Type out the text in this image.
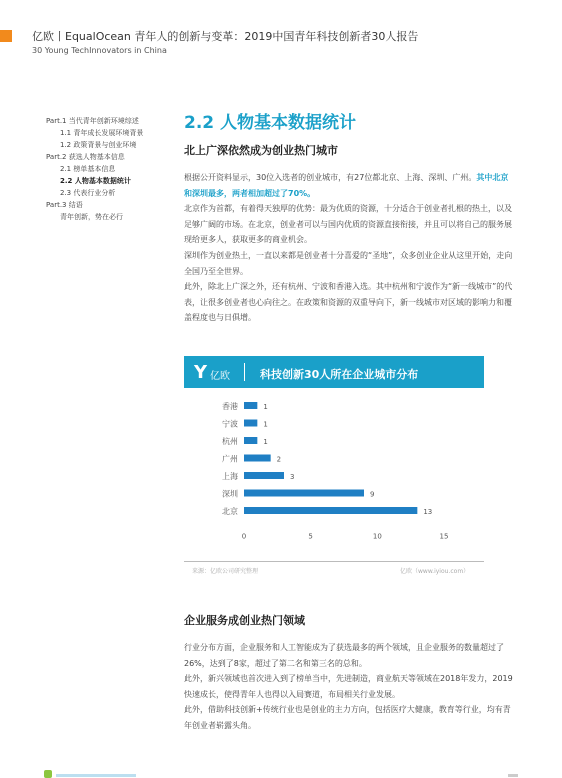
亿欧丨EqualOcean 青年人的创新与变革：2019中国青年科技创新者30人报告
30 Young TechInnovators in China
Part.1 当代青年创新环境综述
1.1 青年成长发展环境背景
1.2 政策背景与创业环境
Part.2 获选人物基本信息
2.1 榜单基本信息
2.2 人物基本数据统计
2.3 代表行业分析
Part.3 结语
青年创新，势在必行
2.2 人物基本数据统计
北上广深依然成为创业热门城市

根据公开资料显示，30位入选者的创业城市，有27位都北京、上海、深圳、广州。其中北京和深圳最多，两者相加超过了70%。

北京作为首都，有着得天独厚的优势：最为优质的资源，十分适合于创业者扎根的热土，以及足够广阔的市场。在北京，创业者可以与国内优质的资源直接衔接，并且可以将自己的服务展现给更多人，获取更多的商业机会。

深圳作为创业热土，一直以来都是创业者十分喜爱的“圣地”，众多创业企业从这里开始，走向全国乃至全世界。

此外，除北上广深之外，还有杭州、宁波和香港入选。其中杭州和宁波作为“新一线城市”的代表，让很多创业者也心向往之。在政策和资源的双重导向下，新一线城市对区域的影响力和覆盖程度也与日俱增。

Y 亿欧	科技创新30人所在企业城市分布
香港	1
宁波	1
杭州	1
广州	2
上海	3
深圳	9
北京	13
0	5	10	15
来源：亿欧公司研究整理	亿欧（www.iyiou.com）
企业服务成创业热门领域

行业分布方面，企业服务和人工智能成为了获选最多的两个领域，且企业服务的数量超过了26%，达到了8家，超过了第二名和第三名的总和。

此外，新兴领域也首次进入到了榜单当中，先进制造，商业航天等领域在2018年发力，2019快速成长，使得青年人也得以入局赛道，布局相关行业发展。

此外，借助科技创新+传统行业也是创业的主力方向，包括医疗大健康，教育等行业，均有青年创业者崭露头角。
